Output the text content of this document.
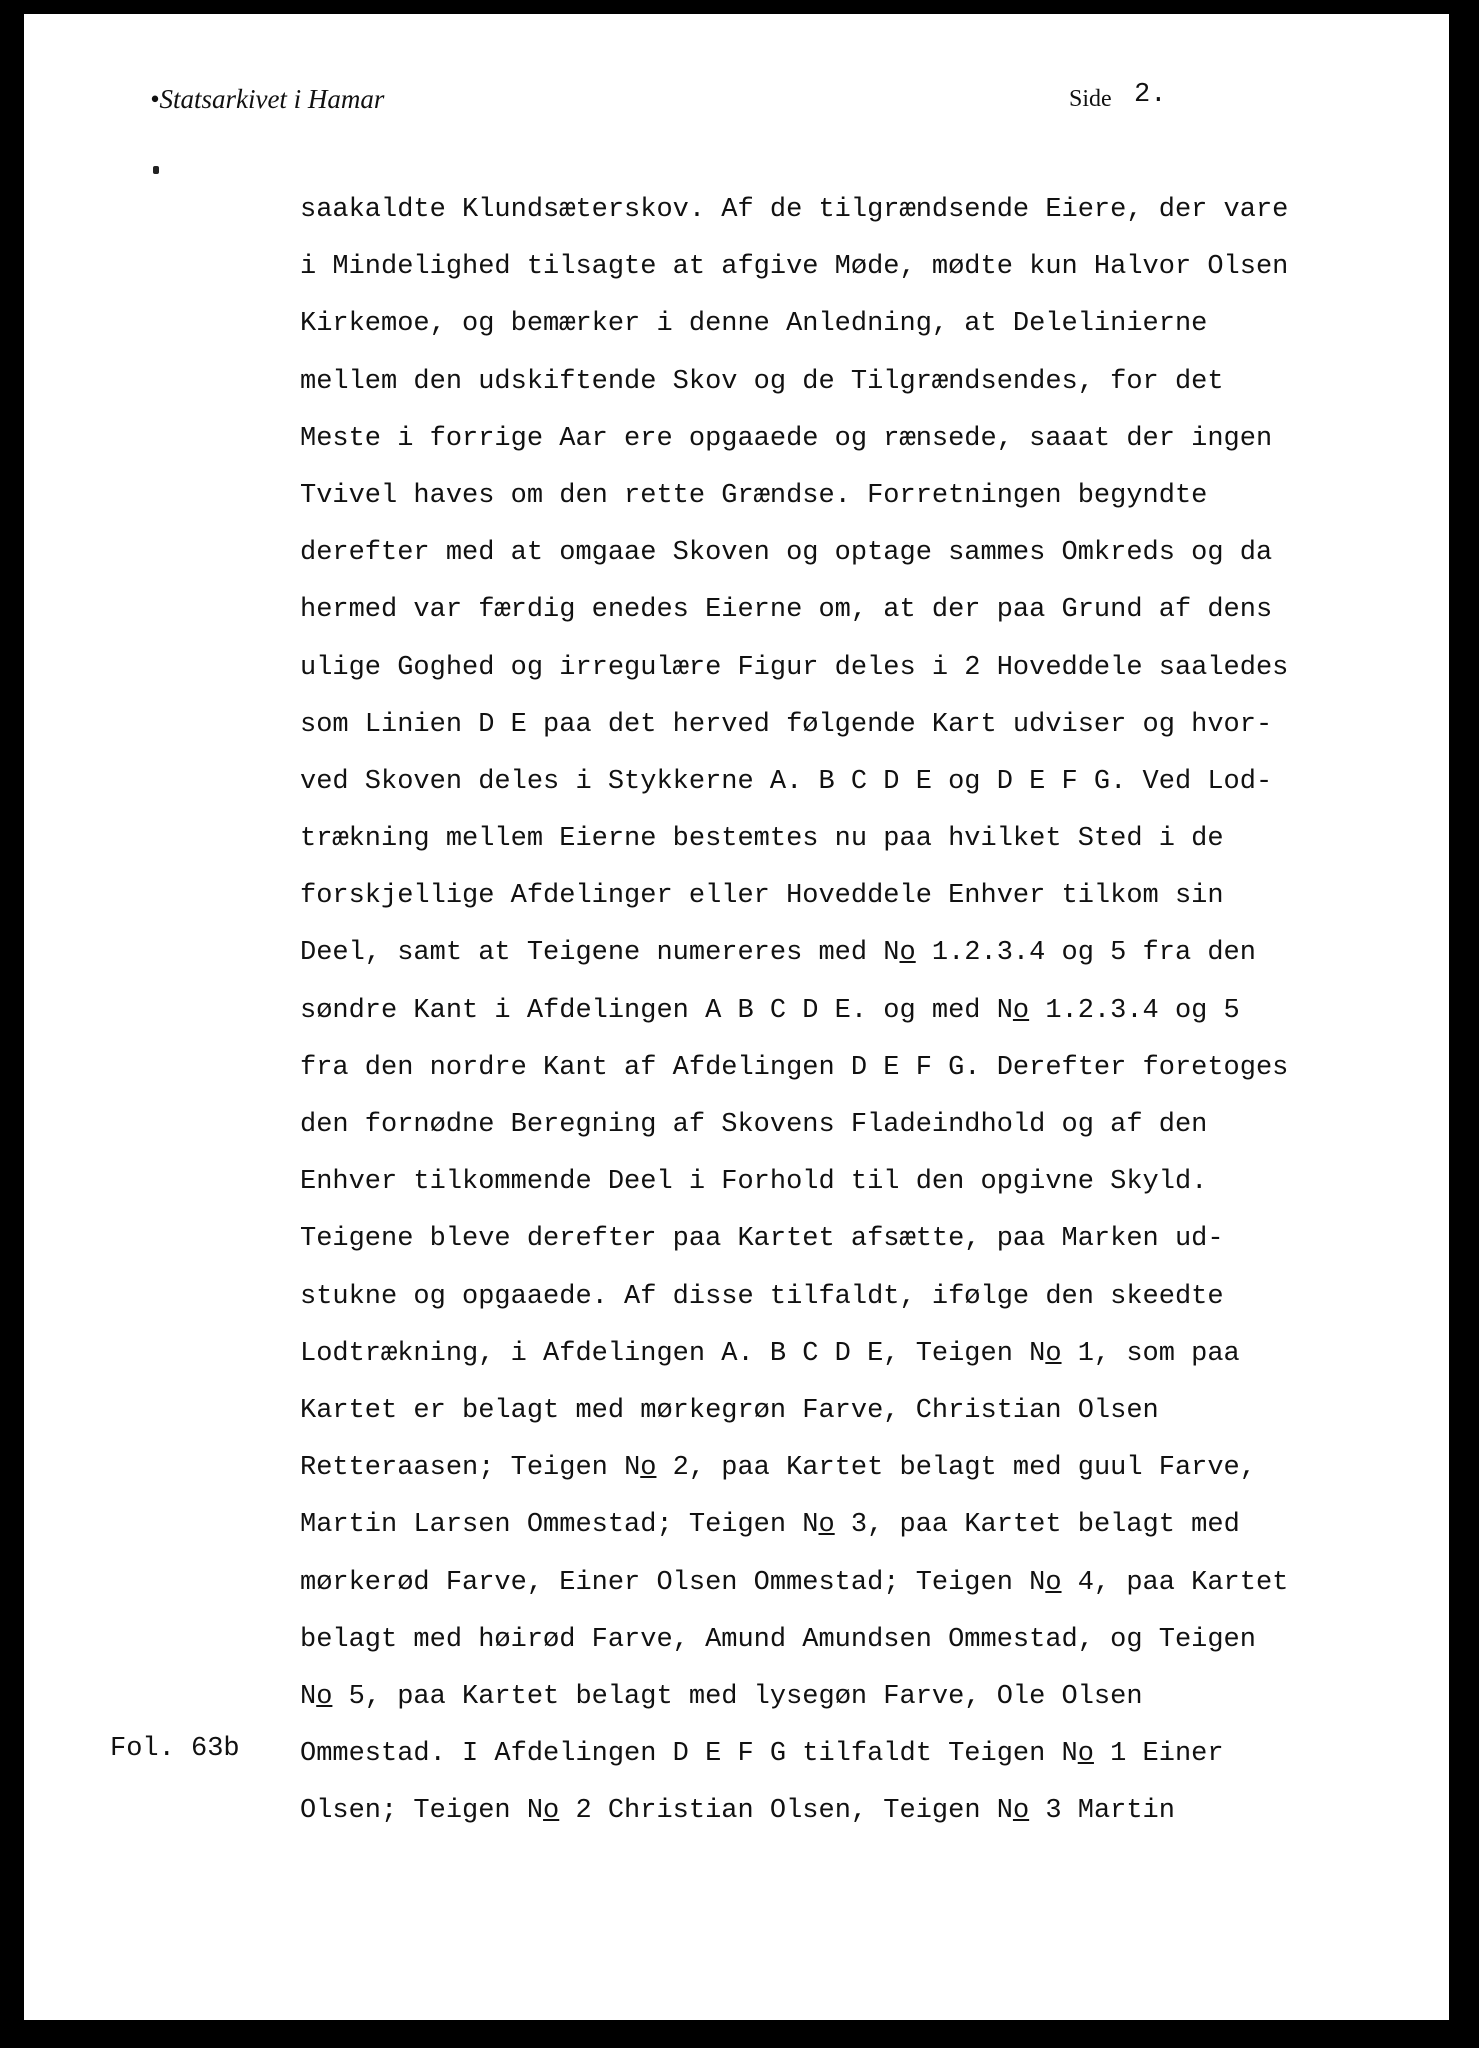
•Statsarkivet i Hamar	Side 2.
Fol. 63b
saakaldte Klundsæterskov. Af de tilgrændsende Eiere, der vare
i Mindelighed tilsagte at afgive Møde, mødte kun Halvor Olsen
Kirkemoe, og bemærker i denne Anledning, at Delelinierne
mellem den udskiftende Skov og de Tilgrændsendes, for det
Meste i forrige Aar ere opgaaede og rænsede, saaat der ingen
Tvivel haves om den rette Grændse. Forretningen begyndte
derefter med at omgaae Skoven og optage sammes Omkreds og da
hermed var færdig enedes Eierne om, at der paa Grund af dens
ulige Goghed og irregulære Figur deles i 2 Hoveddele saaledes
som Linien D E paa det herved følgende Kart udviser og hvor-
ved Skoven deles i Stykkerne A. B C D E og D E F G. Ved Lod-
trækning mellem Eierne bestemtes nu paa hvilket Sted i de
forskjellige Afdelinger eller Hoveddele Enhver tilkom sin
Deel, samt at Teigene numereres med No 1.2.3.4 og 5 fra den
søndre Kant i Afdelingen A B C D E. og med No 1.2.3.4 og 5
fra den nordre Kant af Afdelingen D E F G. Derefter foretoges
den fornødne Beregning af Skovens Fladeindhold og af den
Enhver tilkommende Deel i Forhold til den opgivne Skyld.
Teigene bleve derefter paa Kartet afsætte, paa Marken ud-
stukne og opgaaede. Af disse tilfaldt, ifølge den skeedte
Lodtrækning, i Afdelingen A. B C D E, Teigen No 1, som paa
Kartet er belagt med mørkegrøn Farve, Christian Olsen
Retteraasen; Teigen No 2, paa Kartet belagt med guul Farve,
Martin Larsen Ommestad; Teigen No 3, paa Kartet belagt med
mørkerød Farve, Einer Olsen Ommestad; Teigen No 4, paa Kartet
belagt med høirød Farve, Amund Amundsen Ommestad, og Teigen
No 5, paa Kartet belagt med lysegøn Farve, Ole Olsen
Ommestad. I Afdelingen D E F G tilfaldt Teigen No 1 Einer
Olsen; Teigen No 2 Christian Olsen, Teigen No 3 Martin
